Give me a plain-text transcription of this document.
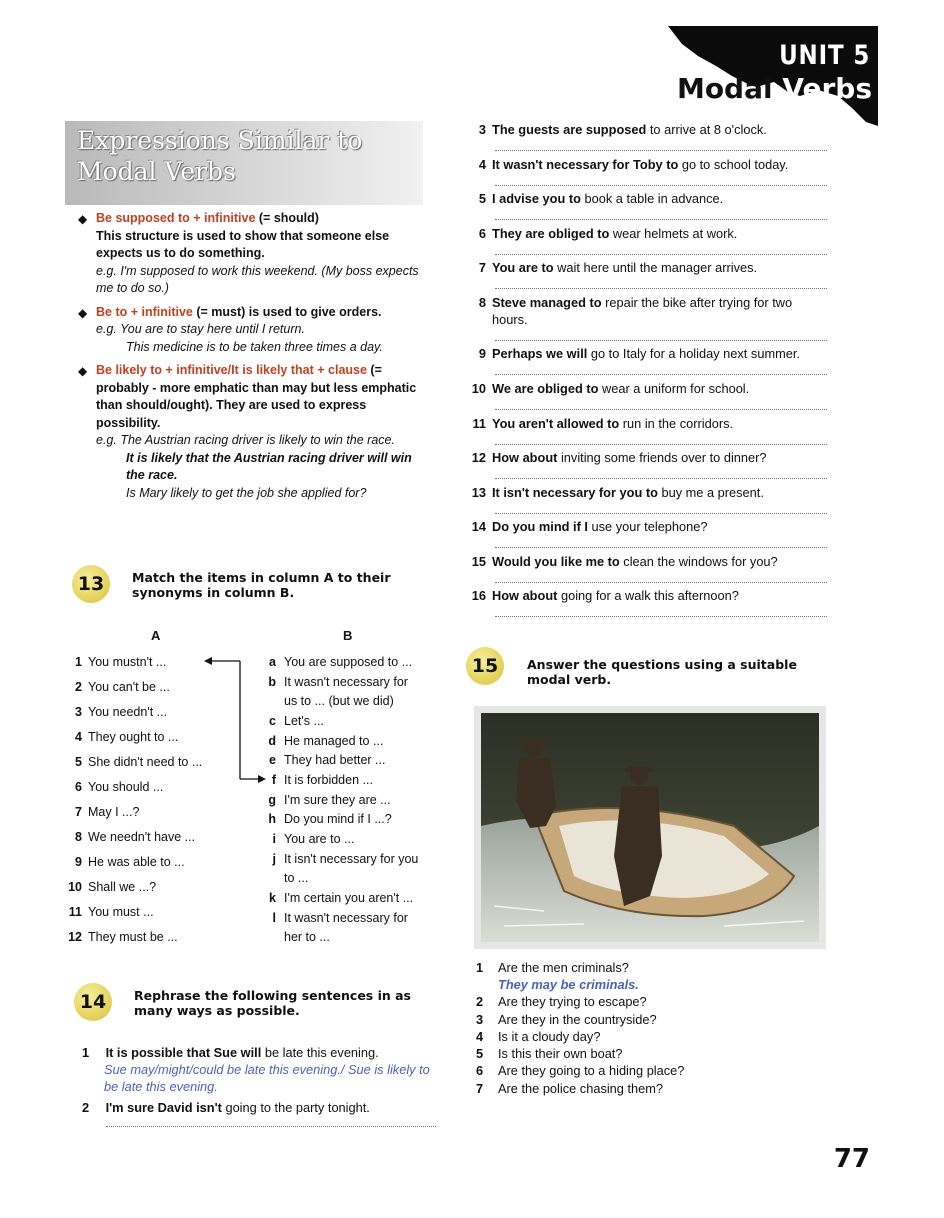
UNIT 5
Modal Verbs
Expressions Similar to Modal Verbs
◆ Be supposed to + infinitive (= should)
This structure is used to show that someone else expects us to do something.
e.g. I'm supposed to work this weekend. (My boss expects me to do so.)
◆ Be to + infinitive (= must) is used to give orders.
e.g. You are to stay here until I return.
This medicine is to be taken three times a day.
◆ Be likely to + infinitive/It is likely that + clause (= probably - more emphatic than may but less emphatic than should/ought). They are used to express possibility.
e.g. The Austrian racing driver is likely to win the race.
It is likely that the Austrian racing driver will win the race.
Is Mary likely to get the job she applied for?
13	Match the items in column A to their synonyms in column B.
A	B
1 You mustn't ...
2 You can't be ...
3 You needn't ...
4 They ought to ...
5 She didn't need to ...
6 You should ...
7 May I ...?
8 We needn't have ...
9 He was able to ...
10 Shall we ...?
11 You must ...
12 They must be ...
a You are supposed to ...
b It wasn't necessary for
us to ... (but we did)
c Let's ...
d He managed to ...
e They had better ...
f It is forbidden ...
g I'm sure they are ...
h Do you mind if I ...?
i You are to ...
j It isn't necessary for you
to ...
k I'm certain you aren't ...
l It wasn't necessary for
her to ...
14	Rephrase the following sentences in as many ways as possible.
1 It is possible that Sue will be late this evening.
Sue may/might/could be late this evening./ Sue is likely to be late this evening.
2 I'm sure David isn't going to the party tonight.
3 The guests are supposed to arrive at 8 o'clock.
4 It wasn't necessary for Toby to go to school today.
5 I advise you to book a table in advance.
6 They are obliged to wear helmets at work.
7 You are to wait here until the manager arrives.
8 Steve managed to repair the bike after trying for two hours.
9 Perhaps we will go to Italy for a holiday next summer.
10 We are obliged to wear a uniform for school.
11 You aren't allowed to run in the corridors.
12 How about inviting some friends over to dinner?
13 It isn't necessary for you to buy me a present.
14 Do you mind if I use your telephone?
15 Would you like me to clean the windows for you?
16 How about going for a walk this afternoon?
15	Answer the questions using a suitable modal verb.
1 Are the men criminals?
They may be criminals.
2 Are they trying to escape?
3 Are they in the countryside?
4 Is it a cloudy day?
5 Is this their own boat?
6 Are they going to a hiding place?
7 Are the police chasing them?
77
